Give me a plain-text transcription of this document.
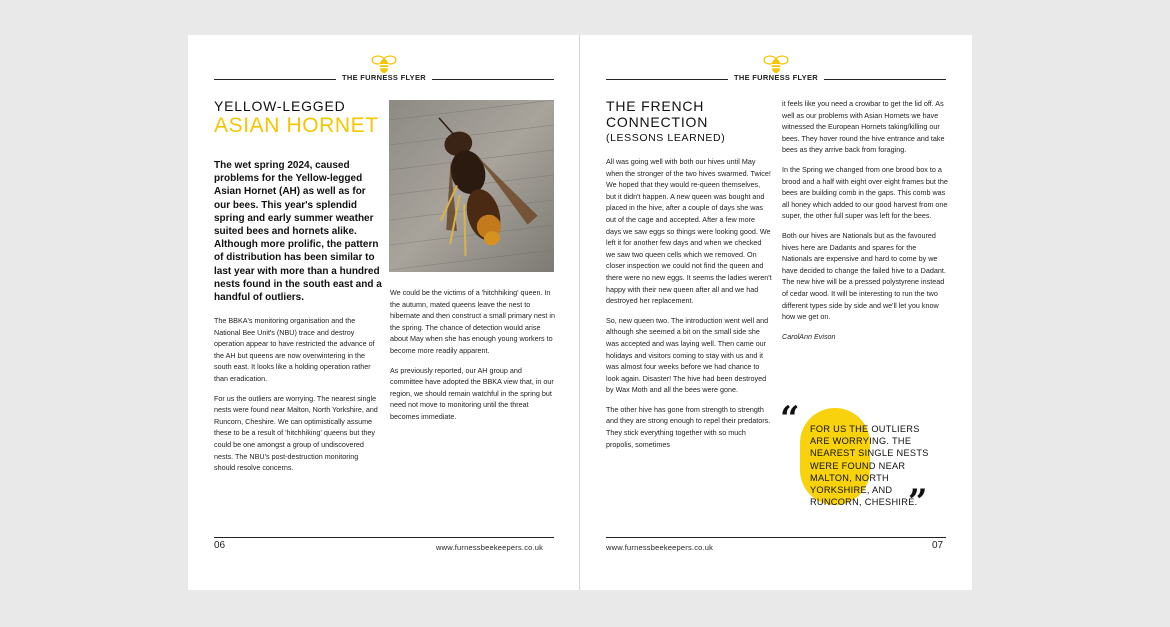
THE FURNESS FLYER
YELLOW-LEGGED
ASIAN HORNET
The wet spring 2024, caused problems for the Yellow-legged Asian Hornet (AH) as well as for our bees. This year's splendid spring and early summer weather suited bees and hornets alike. Although more prolific, the pattern of distribution has been similar to last year with more than a hundred nests found in the south east and a handful of outliers.

The BBKA's monitoring organisation and the National Bee Unit's (NBU) trace and destroy operation appear to have restricted the advance of the AH but queens are now overwintering in the south east. It looks like a holding operation rather than eradication.

For us the outliers are worrying. The nearest single nests were found near Malton, North Yorkshire, and Runcorn, Cheshire. We can optimistically assume these to be a result of 'hitchhiking' queens but they could be one amongst a group of undiscovered nests. The NBU's post-destruction monitoring should resolve concerns.

We could be the victims of a 'hitchhiking' queen. In the autumn, mated queens leave the nest to hibernate and then construct a small primary nest in the spring. The chance of detection would arise about May when she has enough young workers to become more readily apparent.

As previously reported, our AH group and committee have adopted the BBKA view that, in our region, we should remain watchful in the spring but need not move to monitoring until the threat becomes immediate.

06	www.furnessbeekeepers.co.uk
THE FURNESS FLYER
THE FRENCH
CONNECTION
(LESSONS LEARNED)

All was going well with both our hives until May when the stronger of the two hives swarmed. Twice! We hoped that they would re-queen themselves, but it didn't happen. A new queen was bought and placed in the hive, after a couple of days she was out of the cage and accepted. After a few more days we saw eggs so things were looking good. We left it for another few days and when we checked we saw two queen cells which we removed. On closer inspection we could not find the queen and there were no new eggs. It seems the ladies weren't happy with their new queen after all and we had destroyed her replacement.

So, new queen two. The introduction went well and although she seemed a bit on the small side she was accepted and was laying well. Then came our holidays and visitors coming to stay with us and it was almost four weeks before we had chance to look again. Disaster! The hive had been destroyed by Wax Moth and all the bees were gone.

The other hive has gone from strength to strength and they are strong enough to repel their predators. They stick everything together with so much propolis, sometimes

it feels like you need a crowbar to get the lid off. As well as our problems with Asian Hornets we have witnessed the European Hornets taking/killing our bees. They hover round the hive entrance and take bees as they arrive back from foraging.

In the Spring we changed from one brood box to a brood and a half with eight over eight frames but the bees are building comb in the gaps. This comb was all honey which added to our good harvest from one super, the other full super was left for the bees.

Both our hives are Nationals but as the favoured hives here are Dadants and spares for the Nationals are expensive and hard to come by we have decided to change the failed hive to a Dadant. The new hive will be a pressed polystyrene instead of cedar wood. It will be interesting to run the two different types side by side and we'll let you know how we get on.

CarolAnn Evison

“ FOR US THE OUTLIERS ARE WORRYING. THE NEAREST SINGLE NESTS WERE FOUND NEAR MALTON, NORTH YORKSHIRE, AND RUNCORN, CHESHIRE.
”
www.furnessbeekeepers.co.uk	07
